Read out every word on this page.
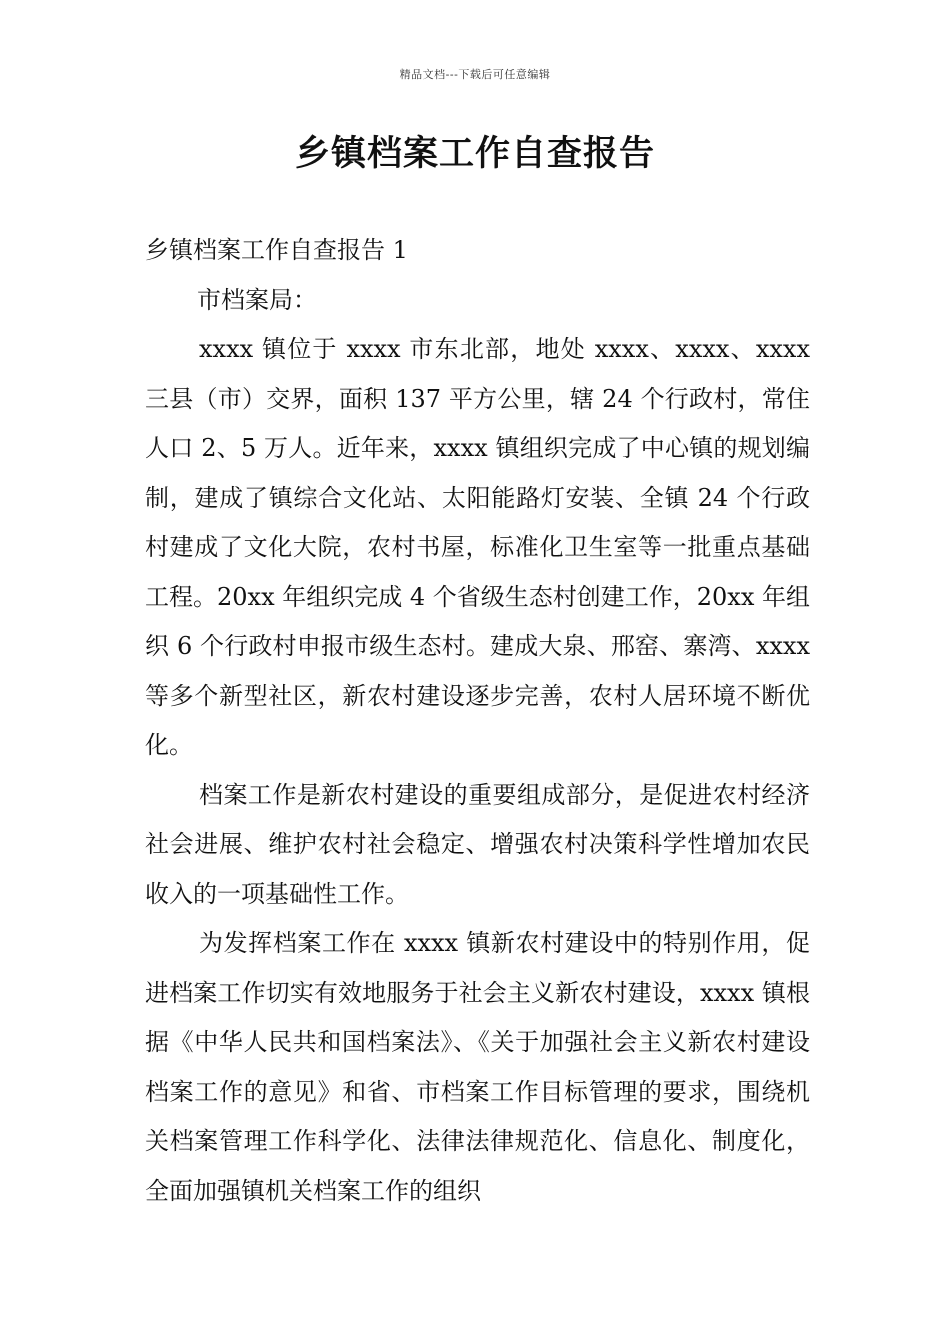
精品文档---下载后可任意编辑
乡镇档案工作自查报告

乡镇档案工作自查报告 1

市档案局：

xxxx 镇位于 xxxx 市东北部，地处 xxxx、xxxx、xxxx 三县（市）交界，面积 137 平方公里，辖 24 个行政村，常住人口 2、5 万人。近年来，xxxx 镇组织完成了中心镇的规划编制，建成了镇综合文化站、太阳能路灯安装、全镇 24 个行政村建成了文化大院，农村书屋，标准化卫生室等一批重点基础工程。20xx 年组织完成 4 个省级生态村创建工作，20xx 年组织 6 个行政村申报市级生态村。建成大泉、邢窑、寨湾、xxxx 等多个新型社区，新农村建设逐步完善，农村人居环境不断优化。

档案工作是新农村建设的重要组成部分，是促进农村经济社会进展、维护农村社会稳定、增强农村决策科学性增加农民收入的一项基础性工作。

为发挥档案工作在 xxxx 镇新农村建设中的特别作用，促进档案工作切实有效地服务于社会主义新农村建设，xxxx 镇根据《中华人民共和国档案法》、《关于加强社会主义新农村建设档案工作的意见》和省、市档案工作目标管理的要求，围绕机关档案管理工作科学化、法律法律规范化、信息化、制度化，全面加强镇机关档案工作的组织
